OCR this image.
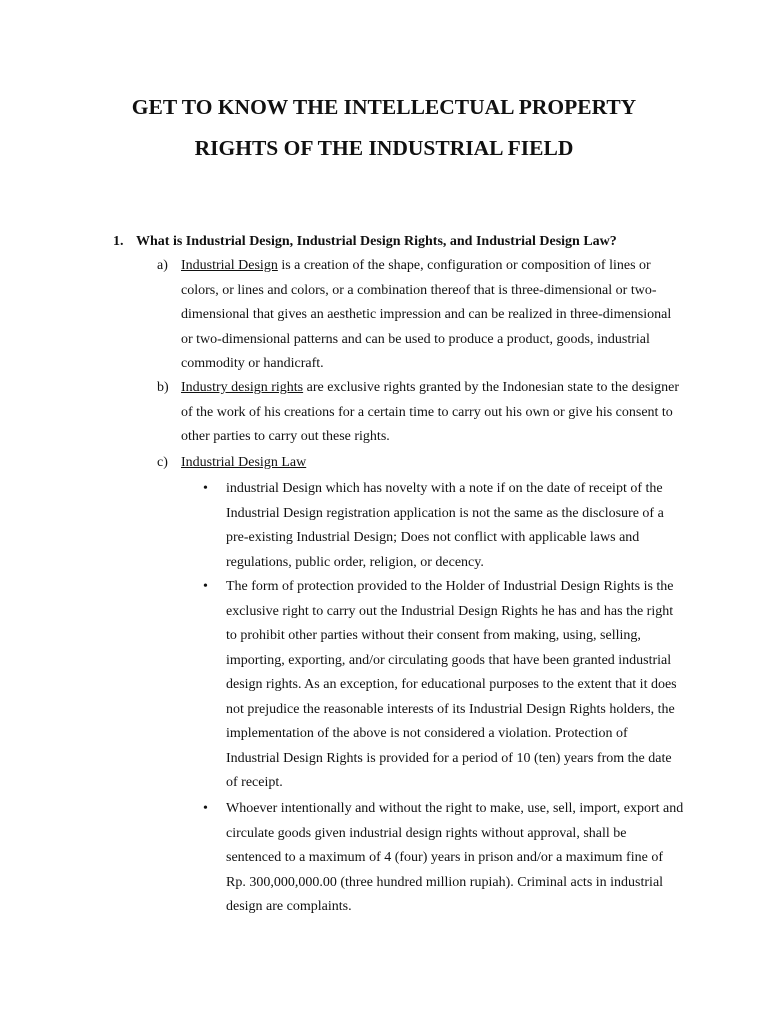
GET TO KNOW THE INTELLECTUAL PROPERTY
RIGHTS OF THE INDUSTRIAL FIELD
1. What is Industrial Design, Industrial Design Rights, and Industrial Design Law?
a) Industrial Design is a creation of the shape, configuration or composition of lines or
colors, or lines and colors, or a combination thereof that is three-dimensional or two-
dimensional that gives an aesthetic impression and can be realized in three-dimensional
or two-dimensional patterns and can be used to produce a product, goods, industrial
commodity or handicraft.
b) Industry design rights are exclusive rights granted by the Indonesian state to the designer
of the work of his creations for a certain time to carry out his own or give his consent to
other parties to carry out these rights.
c) Industrial Design Law
• industrial Design which has novelty with a note if on the date of receipt of the
Industrial Design registration application is not the same as the disclosure of a
pre-existing Industrial Design; Does not conflict with applicable laws and
regulations, public order, religion, or decency.
• The form of protection provided to the Holder of Industrial Design Rights is the
exclusive right to carry out the Industrial Design Rights he has and has the right
to prohibit other parties without their consent from making, using, selling,
importing, exporting, and/or circulating goods that have been granted industrial
design rights. As an exception, for educational purposes to the extent that it does
not prejudice the reasonable interests of its Industrial Design Rights holders, the
implementation of the above is not considered a violation. Protection of
Industrial Design Rights is provided for a period of 10 (ten) years from the date
of receipt.
• Whoever intentionally and without the right to make, use, sell, import, export and
circulate goods given industrial design rights without approval, shall be
sentenced to a maximum of 4 (four) years in prison and/or a maximum fine of
Rp. 300,000,000.00 (three hundred million rupiah). Criminal acts in industrial
design are complaints.
